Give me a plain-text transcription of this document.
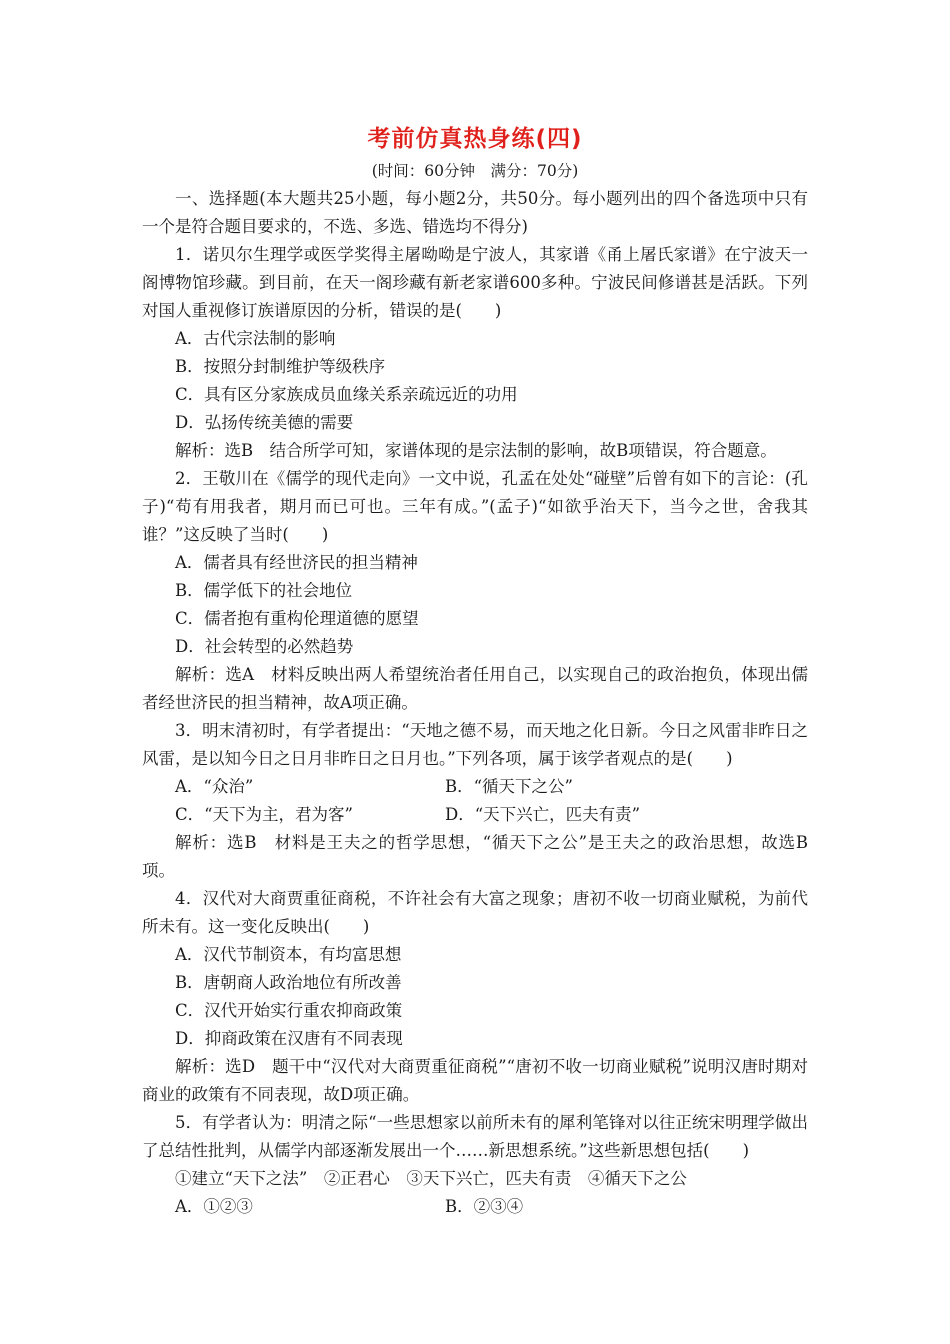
考前仿真热身练(四)
(时间：60分钟　满分：70分)
一、选择题(本大题共25小题，每小题2分，共50分。每小题列出的四个备选项中只有一个是符合题目要求的，不选、多选、错选均不得分)
1．诺贝尔生理学或医学奖得主屠呦呦是宁波人，其家谱《甬上屠氏家谱》在宁波天一阁博物馆珍藏。到目前，在天一阁珍藏有新老家谱600多种。宁波民间修谱甚是活跃。下列对国人重视修订族谱原因的分析，错误的是(　　)
A．古代宗法制的影响
B．按照分封制维护等级秩序
C．具有区分家族成员血缘关系亲疏远近的功用
D．弘扬传统美德的需要
解析：选B　结合所学可知，家谱体现的是宗法制的影响，故B项错误，符合题意。
2．王敬川在《儒学的现代走向》一文中说，孔孟在处处“碰壁”后曾有如下的言论：(孔子)“苟有用我者，期月而已可也。三年有成。”(孟子)“如欲乎治天下，当今之世，舍我其谁？”这反映了当时(　　)
A．儒者具有经世济民的担当精神
B．儒学低下的社会地位
C．儒者抱有重构伦理道德的愿望
D．社会转型的必然趋势
解析：选A　材料反映出两人希望统治者任用自己，以实现自己的政治抱负，体现出儒者经世济民的担当精神，故A项正确。
3．明末清初时，有学者提出：“天地之德不易，而天地之化日新。今日之风雷非昨日之风雷，是以知今日之日月非昨日之日月也。”下列各项，属于该学者观点的是(　　)
A．“众治”	B．“循天下之公”
C．“天下为主，君为客”	D．“天下兴亡，匹夫有责”
解析：选B　材料是王夫之的哲学思想，“循天下之公”是王夫之的政治思想，故选B项。
4．汉代对大商贾重征商税，不许社会有大富之现象；唐初不收一切商业赋税，为前代所未有。这一变化反映出(　　)
A．汉代节制资本，有均富思想
B．唐朝商人政治地位有所改善
C．汉代开始实行重农抑商政策
D．抑商政策在汉唐有不同表现
解析：选D　题干中“汉代对大商贾重征商税”“唐初不收一切商业赋税”说明汉唐时期对商业的政策有不同表现，故D项正确。
5．有学者认为：明清之际“一些思想家以前所未有的犀利笔锋对以往正统宋明理学做出了总结性批判，从儒学内部逐渐发展出一个……新思想系统。”这些新思想包括(　　)
①建立“天下之法”　②正君心　③天下兴亡，匹夫有责　④循天下之公
A．①②③	B．②③④
